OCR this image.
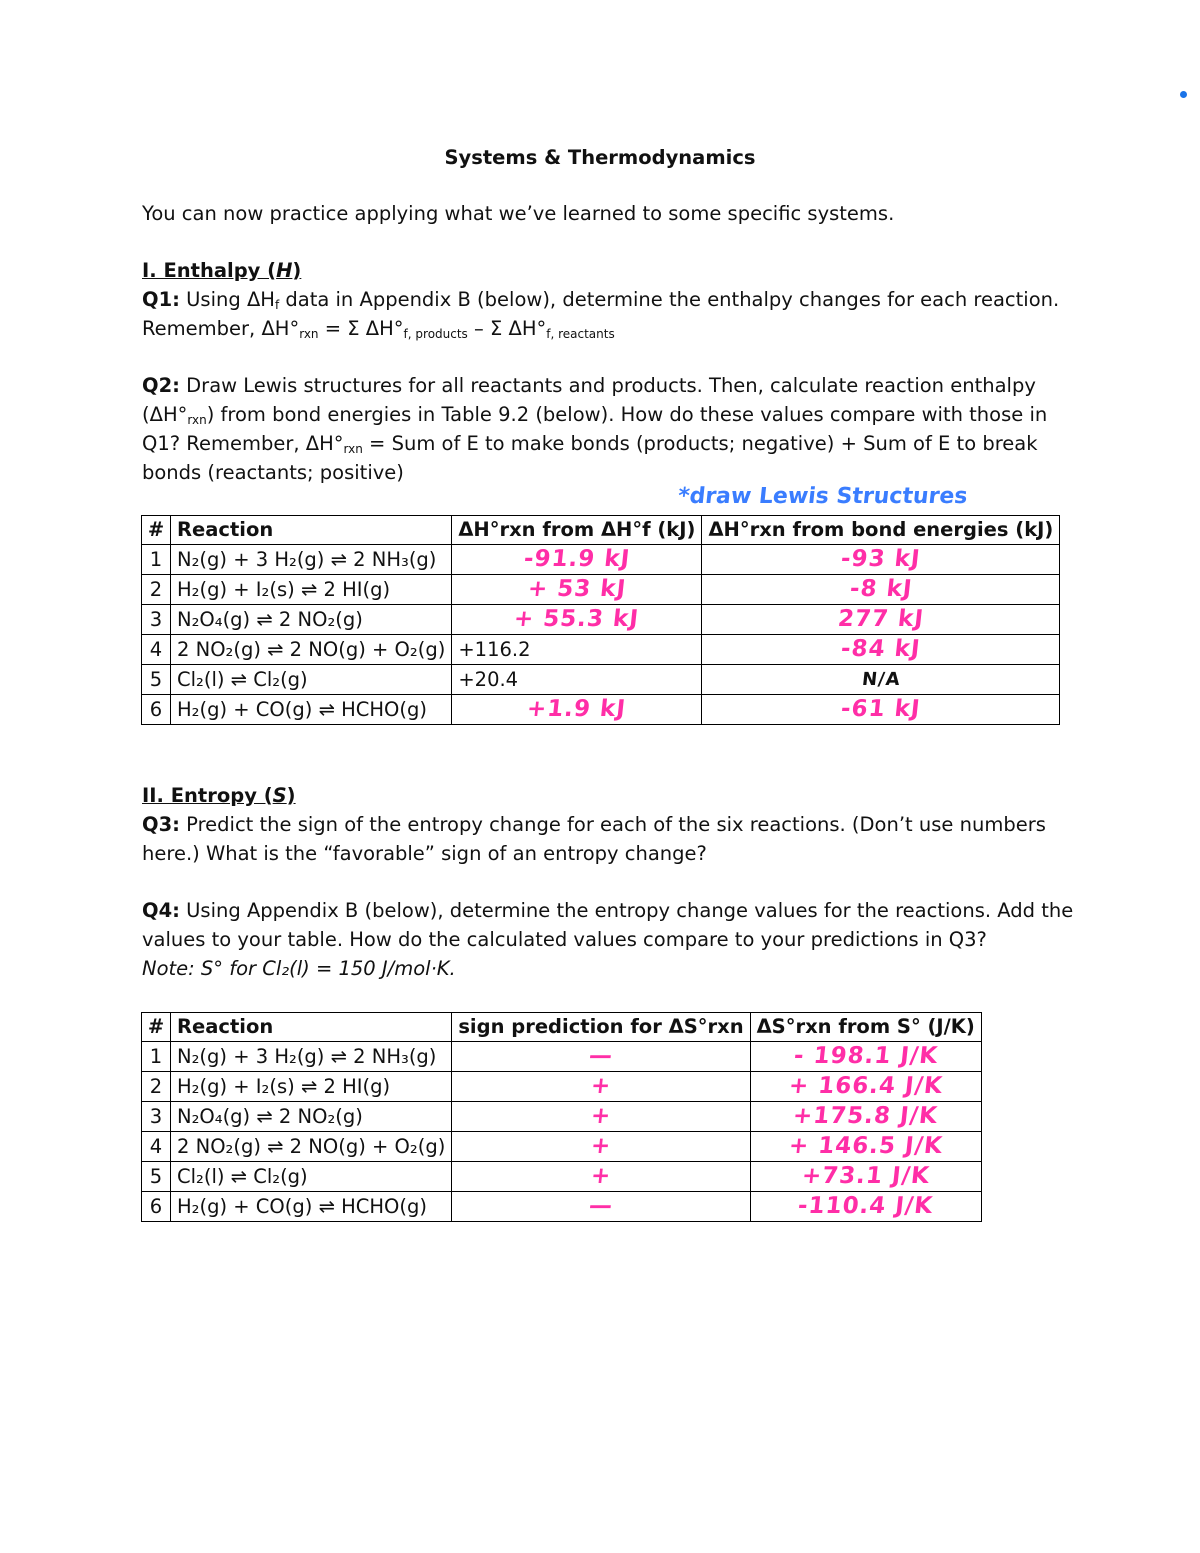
Systems & Thermodynamics
You can now practice applying what we’ve learned to some specific systems.
I. Enthalpy (H)
Q1: Using $\Delta H_f$ data in Appendix B (below), determine the enthalpy changes for each reaction.
Remember, $\Delta H^\circ_{rxn} = \Sigma$ $\Delta H^\circ_{f, products}$ – Σ $\Delta H^\circ_{f, reactants}$
Q2: Draw Lewis structures for all reactants and products. Then, calculate reaction enthalpy
$(\Delta H^\circ_{rxn})$ from bond energies in Table 9.2 (below). How do these values compare with those in
Q1? Remember, $\Delta H^\circ_{rxn}$ = Sum of E to make bonds (products; negative) + Sum of E to break
bonds (reactants; positive)
*draw Lewis Structures
#	Reaction	ΔH°rxn from ΔH°f (kJ)	ΔH°rxn from bond energies (kJ)
1	N₂(g) + 3 H₂(g) ⇌ 2 NH₃(g)	-91.9 kJ	-93 kJ
2	H₂(g) + I₂(s) ⇌ 2 HI(g)	+ 53 kJ	-8 kJ
3	N₂O₄(g) ⇌ 2 NO₂(g)	+ 55.3 kJ	277 kJ
4	2 NO₂(g) ⇌ 2 NO(g) + O₂(g)	+116.2	-84 kJ
5	Cl₂(l) ⇌ Cl₂(g)	+20.4	N/A
6	H₂(g) + CO(g) ⇌ HCHO(g)	+1.9 kJ	-61 kJ
II. Entropy (S)
Q3: Predict the sign of the entropy change for each of the six reactions. (Don’t use numbers
here.) What is the “favorable” sign of an entropy change?
Q4: Using Appendix B (below), determine the entropy change values for the reactions. Add the
values to your table. How do the calculated values compare to your predictions in Q3?
Note: S° for Cl₂(l) = 150 J/mol·K.
#	Reaction	sign prediction for ΔS°rxn	ΔS°rxn from S° (J/K)
1	N₂(g) + 3 H₂(g) ⇌ 2 NH₃(g)	—	- 198.1 J/K
2	H₂(g) + I₂(s) ⇌ 2 HI(g)	+	+ 166.4 J/K
3	N₂O₄(g) ⇌ 2 NO₂(g)	+	+175.8 J/K
4	2 NO₂(g) ⇌ 2 NO(g) + O₂(g)	+	+ 146.5 J/K
5	Cl₂(l) ⇌ Cl₂(g)	+	+73.1 J/K
6	H₂(g) + CO(g) ⇌ HCHO(g)	—	-110.4 J/K
